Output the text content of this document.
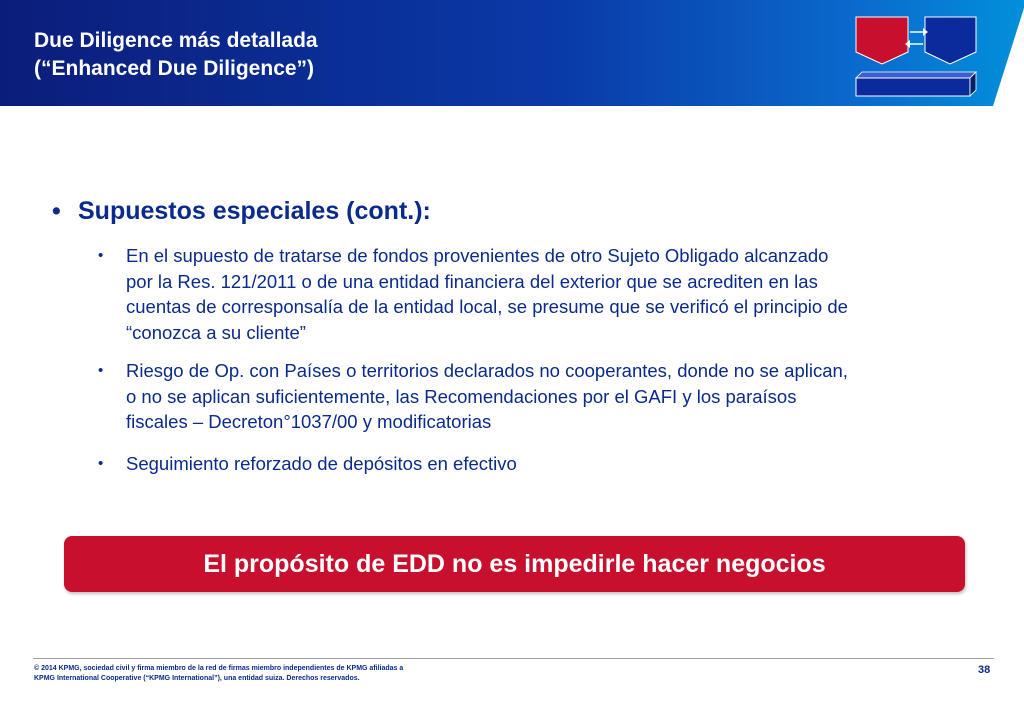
Due Diligence más detallada
(“Enhanced Due Diligence”)
• Supuestos especiales (cont.):
• En el supuesto de tratarse de fondos provenientes de otro Sujeto Obligado alcanzado
por la Res. 121/2011 o de una entidad financiera del exterior que se acrediten en las
cuentas de corresponsalía de la entidad local, se presume que se verificó el principio de
“conozca a su cliente”
• Riesgo de Op. con Países o territorios declarados no cooperantes, donde no se aplican,
o no se aplican suficientemente, las Recomendaciones por el GAFI y los paraísos
fiscales – Decreton°1037/00 y modificatorias
• Seguimiento reforzado de depósitos en efectivo
El propósito de EDD no es impedirle hacer negocios
© 2014 KPMG, sociedad civil y firma miembro de la red de firmas miembro independientes de KPMG afiliadas a
KPMG International Cooperative (“KPMG International”), una entidad suiza. Derechos reservados.
38
